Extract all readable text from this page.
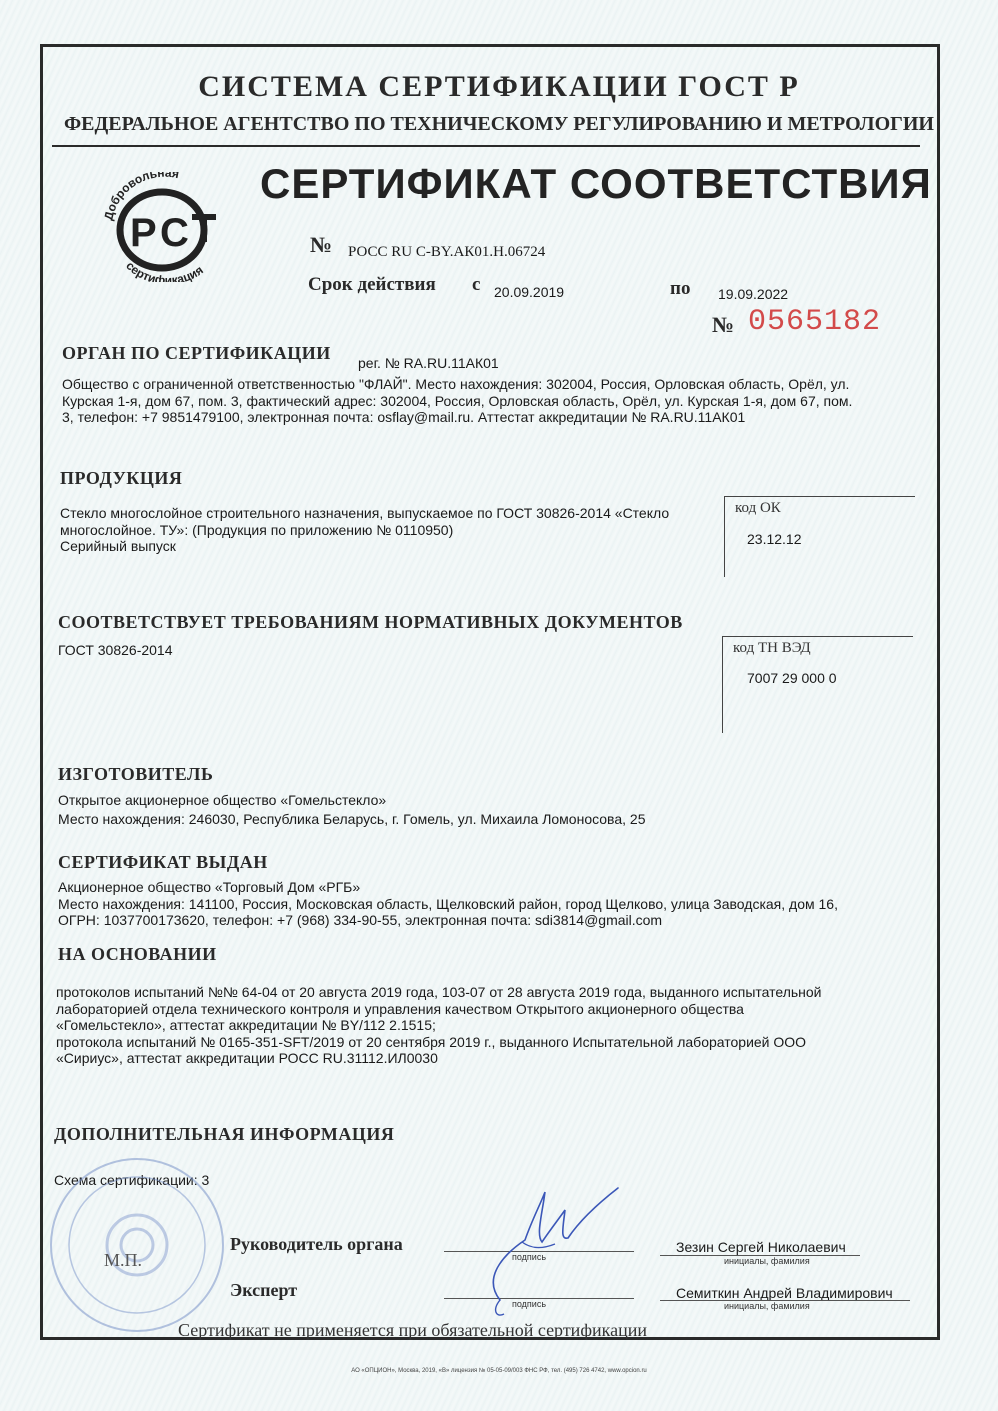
СИСТЕМА СЕРТИФИКАЦИИ ГОСТ Р
ФЕДЕРАЛЬНОЕ АГЕНТСТВО ПО ТЕХНИЧЕСКОМУ РЕГУЛИРОВАНИЮ И МЕТРОЛОГИИ
Р С
Добровольная
сертификация
СЕРТИФИКАТ СООТВЕТСТВИЯ
№ РОСС RU C-BY.АК01.Н.06724
Срок действия с 20.09.2019	по 19.09.2022
№ 0565182
ОРГАН ПО СЕРТИФИКАЦИИ рег. № RA.RU.11АК01
Общество с ограниченной ответственностью "ФЛАЙ". Место нахождения: 302004, Россия, Орловская область, Орёл, ул.
Курская 1-я, дом 67, пом. 3, фактический адрес: 302004, Россия, Орловская область, Орёл, ул. Курская 1-я, дом 67, пом.
3, телефон: +7 9851479100, электронная почта: osflay@mail.ru. Аттестат аккредитации № RA.RU.11АК01
ПРОДУКЦИЯ
Стекло многослойное строительного назначения, выпускаемое по ГОСТ 30826-2014 «Стекло
многослойное. ТУ»: (Продукция по приложению № 0110950)
Серийный выпуск
код ОК
23.12.12
СООТВЕТСТВУЕТ ТРЕБОВАНИЯМ НОРМАТИВНЫХ ДОКУМЕНТОВ
ГОСТ 30826-2014	код ТН ВЭД
7007 29 000 0
ИЗГОТОВИТЕЛЬ
Открытое акционерное общество «Гомельстекло»
Место нахождения: 246030, Республика Беларусь, г. Гомель, ул. Михаила Ломоносова, 25
СЕРТИФИКАТ ВЫДАН
Акционерное общество «Торговый Дом «РГБ»
Место нахождения: 141100, Россия, Московская область, Щелковский район, город Щелково, улица Заводская, дом 16,
ОГРН: 1037700173620, телефон: +7 (968) 334-90-55, электронная почта: sdi3814@gmail.com
НА ОСНОВАНИИ
протоколов испытаний №№ 64-04 от 20 августа 2019 года, 103-07 от 28 августа 2019 года, выданного испытательной
лабораторией отдела технического контроля и управления качеством Открытого акционерного общества
«Гомельстекло», аттестат аккредитации № BY/112 2.1515;
протокола испытаний № 0165-351-SFT/2019 от 20 сентября 2019 г., выданного Испытательной лабораторией ООО
«Сириус», аттестат аккредитации РОСС RU.31112.ИЛ0030
ДОПОЛНИТЕЛЬНАЯ ИНФОРМАЦИЯ
Схема сертификации: 3
М.П.
Руководитель органа
подпись
Зезин Сергей Николаевич
инициалы, фамилия
Эксперт
подпись
Семиткин Андрей Владимирович
инициалы, фамилия
Сертификат не применяется при обязательной сертификации
АО «ОПЦИОН», Москва, 2019, «В» лицензия № 05-05-09/003 ФНС РФ, тел. (495) 726 4742, www.opcion.ru
